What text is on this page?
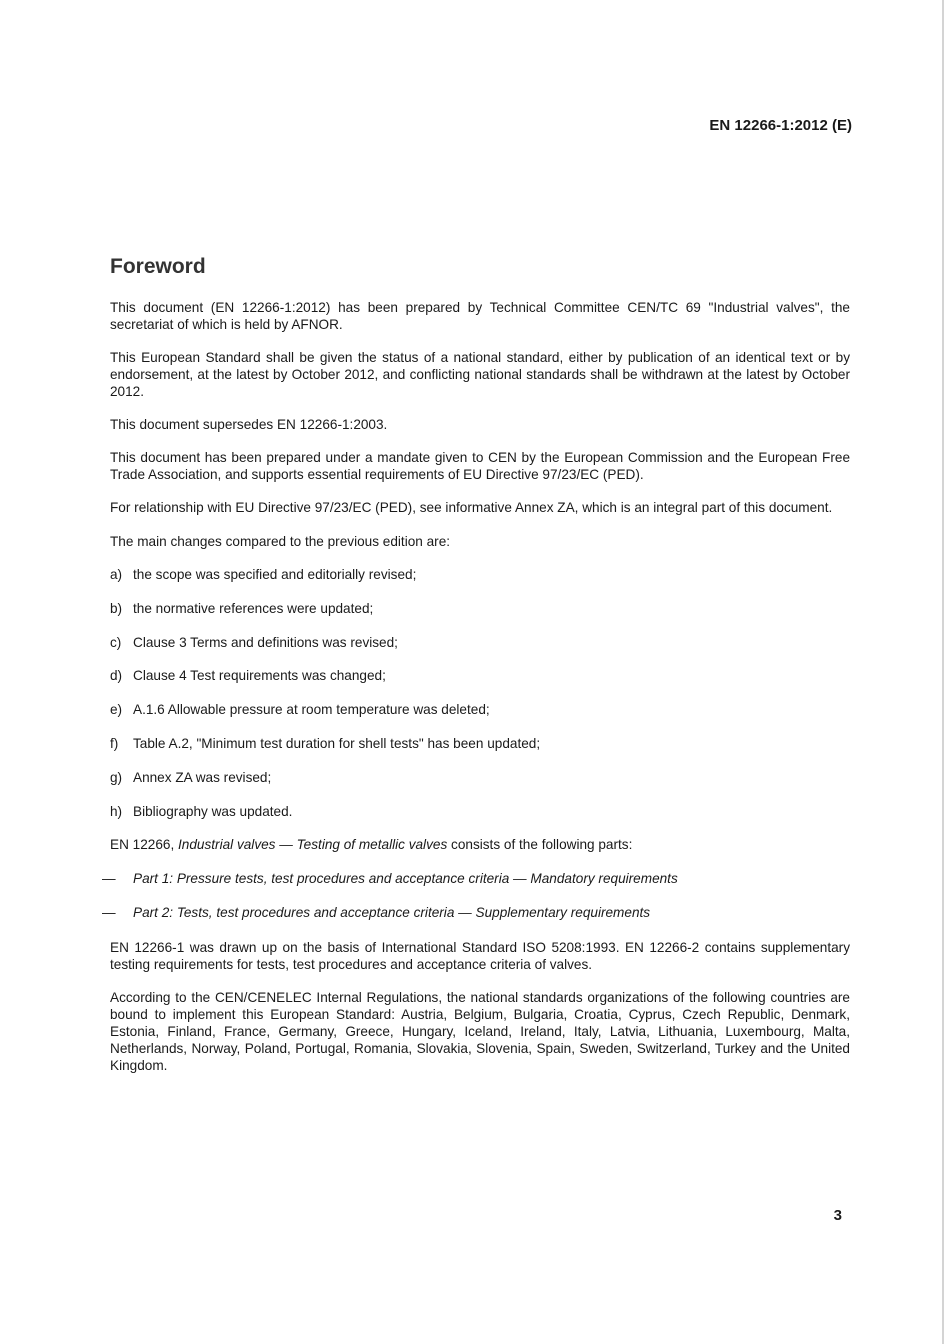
EN 12266-1:2012 (E)
Foreword

This document (EN 12266-1:2012) has been prepared by Technical Committee CEN/TC 69 "Industrial valves", the secretariat of which is held by AFNOR.

This European Standard shall be given the status of a national standard, either by publication of an identical text or by endorsement, at the latest by October 2012, and conflicting national standards shall be withdrawn at the latest by October 2012.

This document supersedes EN 12266-1:2003.

This document has been prepared under a mandate given to CEN by the European Commission and the European Free Trade Association, and supports essential requirements of EU Directive 97/23/EC (PED).

For relationship with EU Directive 97/23/EC (PED), see informative Annex ZA, which is an integral part of this document.

The main changes compared to the previous edition are:

a) the scope was specified and editorially revised;
b) the normative references were updated;
c) Clause 3 Terms and definitions was revised;
d) Clause 4 Test requirements was changed;
e) A.1.6 Allowable pressure at room temperature was deleted;
f) Table A.2, "Minimum test duration for shell tests" has been updated;
g) Annex ZA was revised;
h) Bibliography was updated.

EN 12266, Industrial valves — Testing of metallic valves consists of the following parts:

— Part 1: Pressure tests, test procedures and acceptance criteria — Mandatory requirements
— Part 2: Tests, test procedures and acceptance criteria — Supplementary requirements

EN 12266-1 was drawn up on the basis of International Standard ISO 5208:1993. EN 12266-2 contains supplementary testing requirements for tests, test procedures and acceptance criteria of valves.

According to the CEN/CENELEC Internal Regulations, the national standards organizations of the following countries are bound to implement this European Standard: Austria, Belgium, Bulgaria, Croatia, Cyprus, Czech Republic, Denmark, Estonia, Finland, France, Germany, Greece, Hungary, Iceland, Ireland, Italy, Latvia, Lithuania, Luxembourg, Malta, Netherlands, Norway, Poland, Portugal, Romania, Slovakia, Slovenia, Spain, Sweden, Switzerland, Turkey and the United Kingdom.

3
